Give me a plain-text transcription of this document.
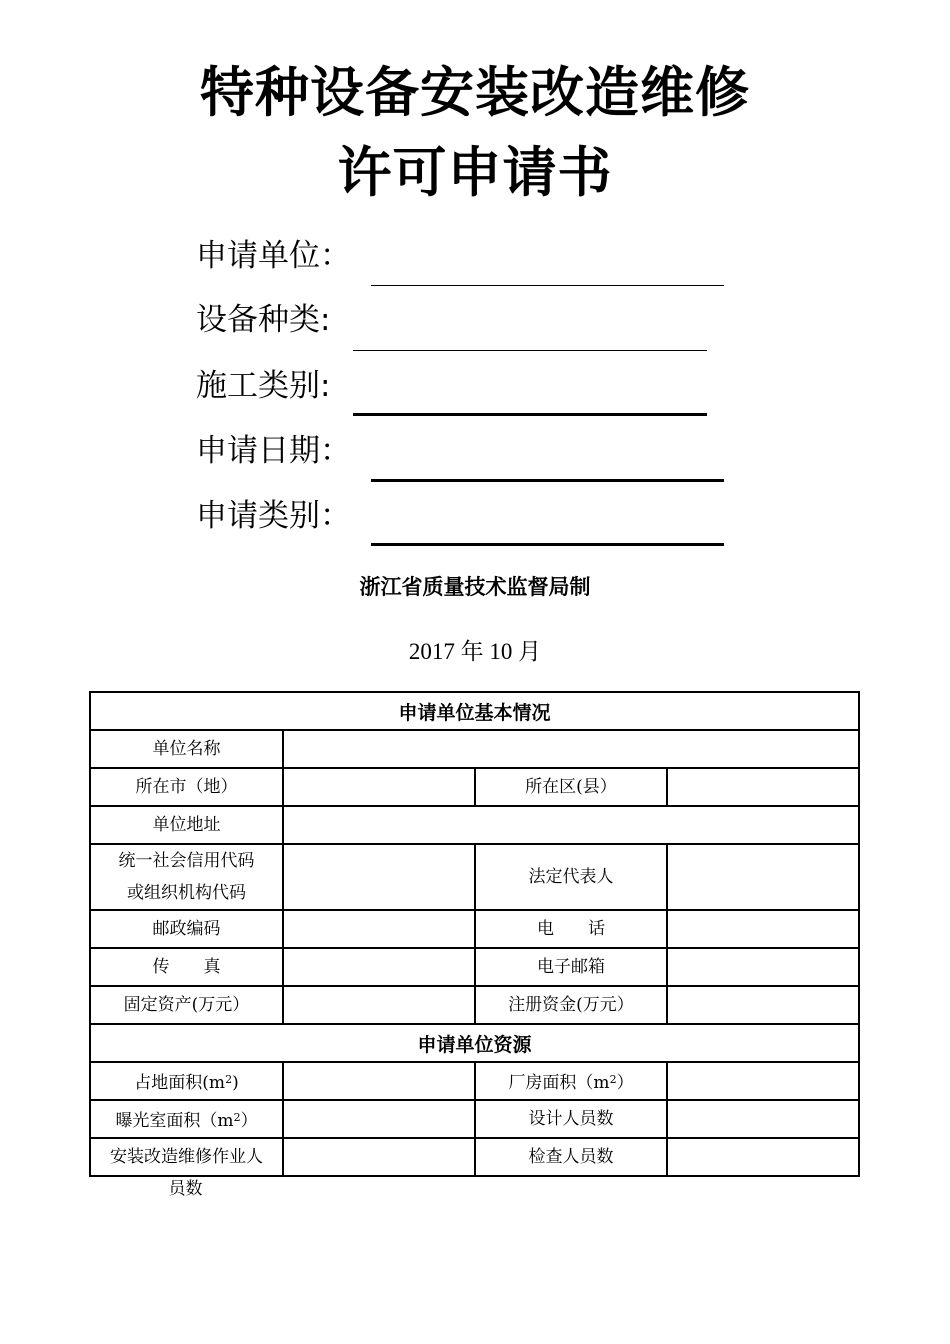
特种设备安装改造维修
许可申请书
申请单位：
设备种类:
施工类别:
申请日期：
申请类别：
浙江省质量技术监督局制
2017 年 10 月
申请单位基本情况			
单位名称			
所在市（地）		所在区(县）	
单位地址			

统一社会信用代码
或组织机构代码		法定代表人	
邮政编码		电　　话	
传　　真		电子邮箱	
固定资产(万元）		注册资金(万元）	
申请单位资源			
占地面积$(m^2)$		厂房面积$(m^2)$	
曝光室面积$(m^2)$		设计人员数	
安装改造维修作业人		检查人员数	
员数
